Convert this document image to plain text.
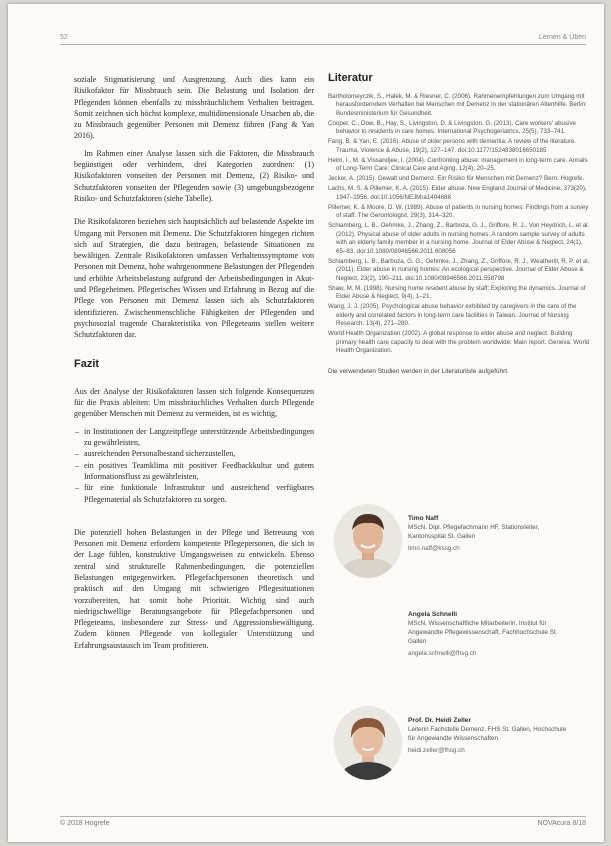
52	Lernen & Üben

soziale Stigmatisierung und Ausgrenzung. Auch dies kann ein Risikofaktor für Missbrauch sein. Die Belastung und Isolation der Pflegenden können ebenfalls zu missbräuchlichem Verhalten beitragen. Somit zeichnen sich höchst komplexe, multidimensionale Ursachen ab, die zu Missbrauch gegenüber Personen mit Demenz führen (Fang & Yan 2016).

Im Rahmen einer Analyse lassen sich die Faktoren, die Missbrauch begünstigen oder verhindern, drei Kategorien zuordnen: (1) Risikofaktoren vonseiten der Personen mit Demenz, (2) Risiko- und Schutzfaktoren vonseiten der Pflegenden sowie (3) umgebungsbezogene Risiko- und Schutzfaktoren (siehe Tabelle).

Die Risikofaktoren beziehen sich hauptsächlich auf belastende Aspekte im Umgang mit Personen mit Demenz. Die Schutzfaktoren hingegen richten sich auf Strategien, die dazu beitragen, belastende Situationen zu bewältigen. Zentrale Risikofaktoren umfassen Verhaltenssymptome von Personen mit Demenz, hohe wahrgenommene Belastungen der Pflegenden und erhöhte Arbeitsbelastung aufgrund der Arbeitsbedingungen in Akut- und Pflegeheimen. Pflegerisches Wissen und Erfahrung in Bezug auf die Pflege von Personen mit Demenz lassen sich als Schutzfaktoren identifizieren. Zwischenmenschliche Fähigkeiten der Pflegenden und psychosozial tragende Charakteristika von Pflegeteams stellen weitere Schutzfaktoren dar.

Fazit

Aus der Analyse der Risikofaktoren lassen sich folgende Konsequenzen für die Praxis ableiten: Um missbräuchliches Verhalten durch Pflegende gegenüber Menschen mit Demenz zu vermeiden, ist es wichtig,

– in Institutionen der Langzeitpflege unterstützende Arbeitsbedingungen zu gewährleisten,
– ausreichenden Personalbestand sicherzustellen,
– ein positives Teamklima mit positiver Feedbackkultur und gutem Informationsfluss zu gewährleisten,
– für eine funktionale Infrastruktur und ausreichend verfügbares Pflegematerial als Schutzfaktoren zu sorgen.

Die potenziell hohen Belastungen in der Pflege und Betreuung von Personen mit Demenz erfordern kompetente Pflegepersonen, die sich in der Lage fühlen, konstruktive Umgangsweisen zu entwickeln. Ebenso zentral sind strukturelle Rahmenbedingungen, die potenziellen Belastungen entgegenwirken. Pflegefachpersonen theoretisch und praktisch auf den Umgang mit schwierigen Pflegesituationen vorzubereiten, hat somit hohe Priorität. Wichtig sind auch niedrigschwellige Beratungsangebote für Pflegefachpersonen und Pflegeteams, insbesondere zur Stress- und Aggressionsbewältigung. Zudem können Pflegende von kollegialer Unterstützung und Erfahrungsaustausch im Team profitieren.

Literatur
Bartholomeyczik, S., Halek, M. & Riesner, C. (2006). Rahmenempfehlungen zum Umgang mit herausforderndem Verhalten bei Menschen mit Demenz in der stationären Altenhilfe. Berlin: Bundesministerium für Gesundheit.
Cooper, C., Dow, B., Hay, S., Livingston, D. & Livingston, G. (2013). Care workers' abusive behavior to residents in care homes. International Psychogeriatrics, 25(5), 733–741.
Fang, B. & Yan, E. (2016). Abuse of older persons with dementia: A review of the literature. Trauma, Violence & Abuse, 19(2), 127–147. doi:10.1177/1524838016650185
Heim, I., M. & Vissandjee, I. (2004). Confronting abuse: management in long-term care. Annals of Long-Term Care: Clinical Care and Aging, 12(4), 20–25.
Jecker, A. (2015). Gewalt und Demenz. Ein Risiko für Menschen mit Demenz? Bern: Hogrefe.
Lachs, M. S. & Pillemer, K. A. (2015). Elder abuse. New England Journal of Medicine, 373(20), 1947–1956. doi:10.1056/NEJMra1404688
Pillemer, K. & Moore, D. W. (1989). Abuse of patients in nursing homes: Findings from a survey of staff. The Gerontologist, 29(3), 314–320.
Schiamberg, L. B., Oehmke, J., Zhang, Z., Barboza, G. J., Griffore, R. J., Von Heydrich, L. et al. (2012). Physical abuse of older adults in nursing homes: A random sample survey of adults with an elderly family member in a nursing home. Journal of Elder Abuse & Neglect, 24(1), 65–83. doi:10.1080/08946566.2011.608056
Schiamberg, L. B., Barboza, G. G., Oehmke, J., Zhang, Z., Griffore, R. J., Weatherill, R. P. et al. (2011). Elder abuse in nursing homes: An ecological perspective. Journal of Elder Abuse & Neglect, 23(2), 190–211. doi:10.1080/08946566.2011.558798
Shaw, M. M. (1998). Nursing home resident abuse by staff: Exploring the dynamics. Journal of Elder Abuse & Neglect, 9(4), 1–21.
Wang, J. J. (2005). Psychological abuse behavior exhibited by caregivers in the care of the elderly and correlated factors in long-term care facilities in Taiwan. Journal of Nursing Research, 13(4), 271–280.
World Health Organization (2002). A global response to elder abuse and neglect: Building primary health care capacity to deal with the problem worldwide: Main report. Geneva: World Health Organization.
Die verwendeten Studien werden in der Literaturliste aufgeführt.
Timo Naff
MScN, Dipl. Pflegefachmann HF, Stationsleiter, Kantonsspital St. Gallen
timo.naff@kssg.ch
Angela Schnelli
MScN, Wissenschaftliche Mitarbeiterin, Institut für Angewandte Pflegewissenschaft, Fachhochschule St. Gallen
angela.schnelli@fhsg.ch
Prof. Dr. Heidi Zeller
Leiterin Fachstelle Demenz, FHS St. Gallen, Hochschule für Angewandte Wissenschaften
heidi.zeller@fhsg.ch
© 2018 Hogrefe	NOVAcura 8/18
